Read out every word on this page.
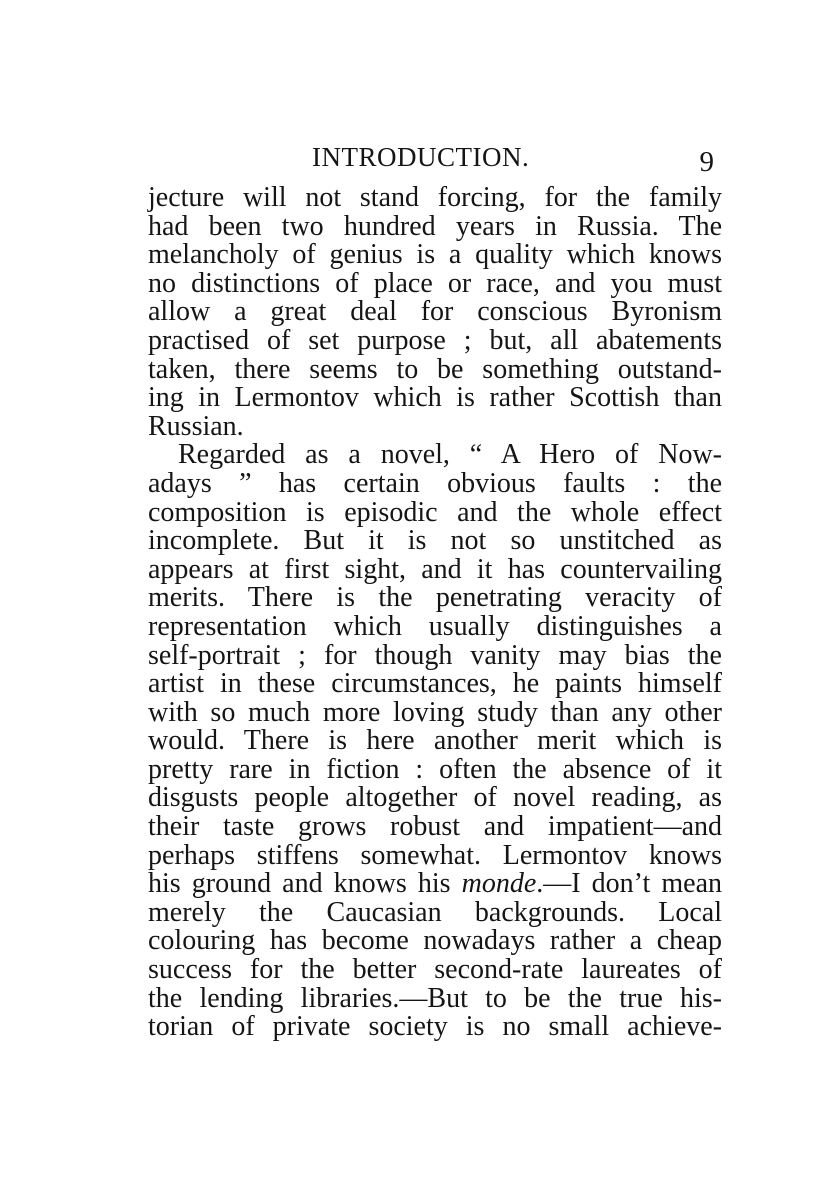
INTRODUCTION.	9
jecture will not stand forcing, for the family
had been two hundred years in Russia. The
melancholy of genius is a quality which knows
no distinctions of place or race, and you must
allow a great deal for conscious Byronism
practised of set purpose ; but, all abatements
taken, there seems to be something outstand-
ing in Lermontov which is rather Scottish than
Russian.
Regarded as a novel, “ A Hero of Now-
adays ” has certain obvious faults : the
composition is episodic and the whole effect
incomplete. But it is not so unstitched as
appears at first sight, and it has countervailing
merits. There is the penetrating veracity of
representation which usually distinguishes a
self-portrait ; for though vanity may bias the
artist in these circumstances, he paints himself
with so much more loving study than any other
would. There is here another merit which is
pretty rare in fiction : often the absence of it
disgusts people altogether of novel reading, as
their taste grows robust and impatient—and
perhaps stiffens somewhat. Lermontov knows
his ground and knows his monde.—I don’t mean
merely the Caucasian backgrounds. Local
colouring has become nowadays rather a cheap
success for the better second-rate laureates of
the lending libraries.—But to be the true his-
torian of private society is no small achieve-
